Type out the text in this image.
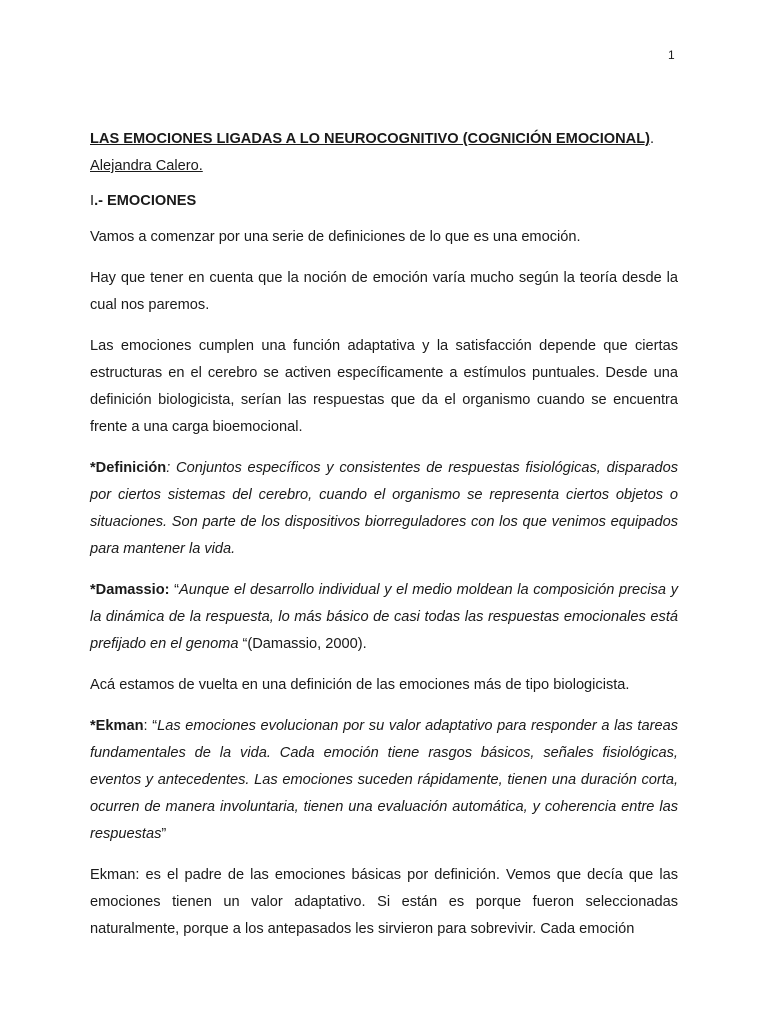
1

LAS EMOCIONES LIGADAS A LO NEUROCOGNITIVO (COGNICIÓN EMOCIONAL).

Alejandra Calero.

I.- EMOCIONES

Vamos a comenzar por una serie de definiciones de lo que es una emoción.

Hay que tener en cuenta que la noción de emoción varía mucho según la teoría desde la cual nos paremos.

Las emociones cumplen una función adaptativa y la satisfacción depende que ciertas estructuras en el cerebro se activen específicamente a estímulos puntuales. Desde una definición biologicista, serían las respuestas que da el organismo cuando se encuentra frente a una carga bioemocional.

*Definición: Conjuntos específicos y consistentes de respuestas fisiológicas, disparados por ciertos sistemas del cerebro, cuando el organismo se representa ciertos objetos o situaciones. Son parte de los dispositivos biorreguladores con los que venimos equipados para mantener la vida.

*Damassio: “Aunque el desarrollo individual y el medio moldean la composición precisa y la dinámica de la respuesta, lo más básico de casi todas las respuestas emocionales está prefijado en el genoma “(Damassio, 2000).

Acá estamos de vuelta en una definición de las emociones más de tipo biologicista.

*Ekman: “Las emociones evolucionan por su valor adaptativo para responder a las tareas fundamentales de la vida. Cada emoción tiene rasgos básicos, señales fisiológicas, eventos y antecedentes. Las emociones suceden rápidamente, tienen una duración corta, ocurren de manera involuntaria, tienen una evaluación automática, y coherencia entre las respuestas”

Ekman: es el padre de las emociones básicas por definición. Vemos que decía que las emociones tienen un valor adaptativo. Si están es porque fueron seleccionadas naturalmente, porque a los antepasados les sirvieron para sobrevivir. Cada emoción
